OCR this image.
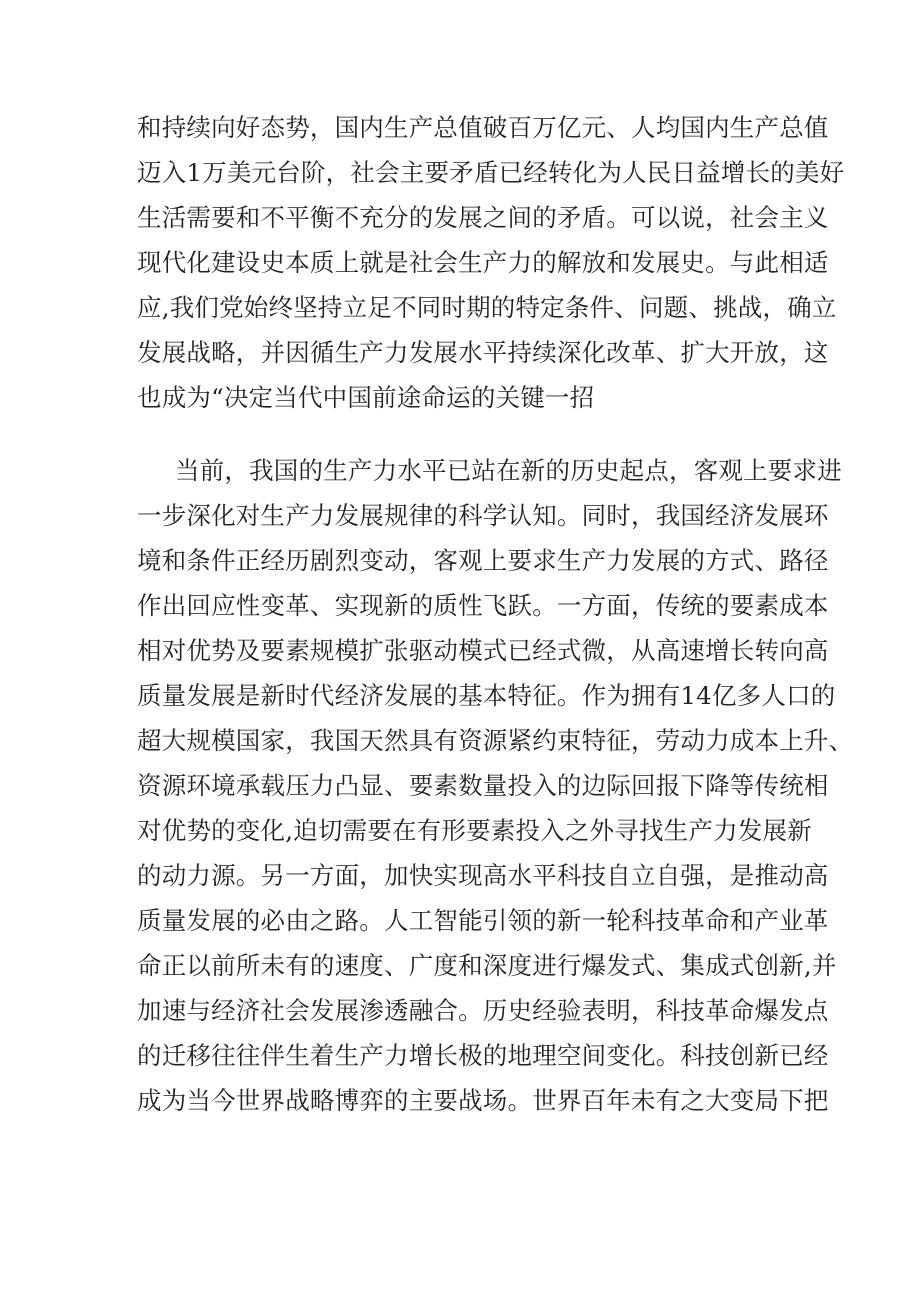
和持续向好态势，国内生产总值破百万亿元、人均国内生产总值
迈入1万美元台阶，社会主要矛盾已经转化为人民日益增长的美好
生活需要和不平衡不充分的发展之间的矛盾。可以说，社会主义
现代化建设史本质上就是社会生产力的解放和发展史。与此相适
应,我们党始终坚持立足不同时期的特定条件、问题、挑战，确立
发展战略，并因循生产力发展水平持续深化改革、扩大开放，这
也成为“决定当代中国前途命运的关键一招
当前，我国的生产力水平已站在新的历史起点，客观上要求进
一步深化对生产力发展规律的科学认知。同时，我国经济发展环
境和条件正经历剧烈变动，客观上要求生产力发展的方式、路径
作出回应性变革、实现新的质性飞跃。一方面，传统的要素成本
相对优势及要素规模扩张驱动模式已经式微，从高速增长转向高
质量发展是新时代经济发展的基本特征。作为拥有14亿多人口的
超大规模国家，我国天然具有资源紧约束特征，劳动力成本上升、
资源环境承载压力凸显、要素数量投入的边际回报下降等传统相
对优势的变化,迫切需要在有形要素投入之外寻找生产力发展新
的动力源。另一方面，加快实现高水平科技自立自强，是推动高
质量发展的必由之路。人工智能引领的新一轮科技革命和产业革
命正以前所未有的速度、广度和深度进行爆发式、集成式创新,并
加速与经济社会发展渗透融合。历史经验表明，科技革命爆发点
的迁移往往伴生着生产力增长极的地理空间变化。科技创新已经
成为当今世界战略博弈的主要战场。世界百年未有之大变局下把
